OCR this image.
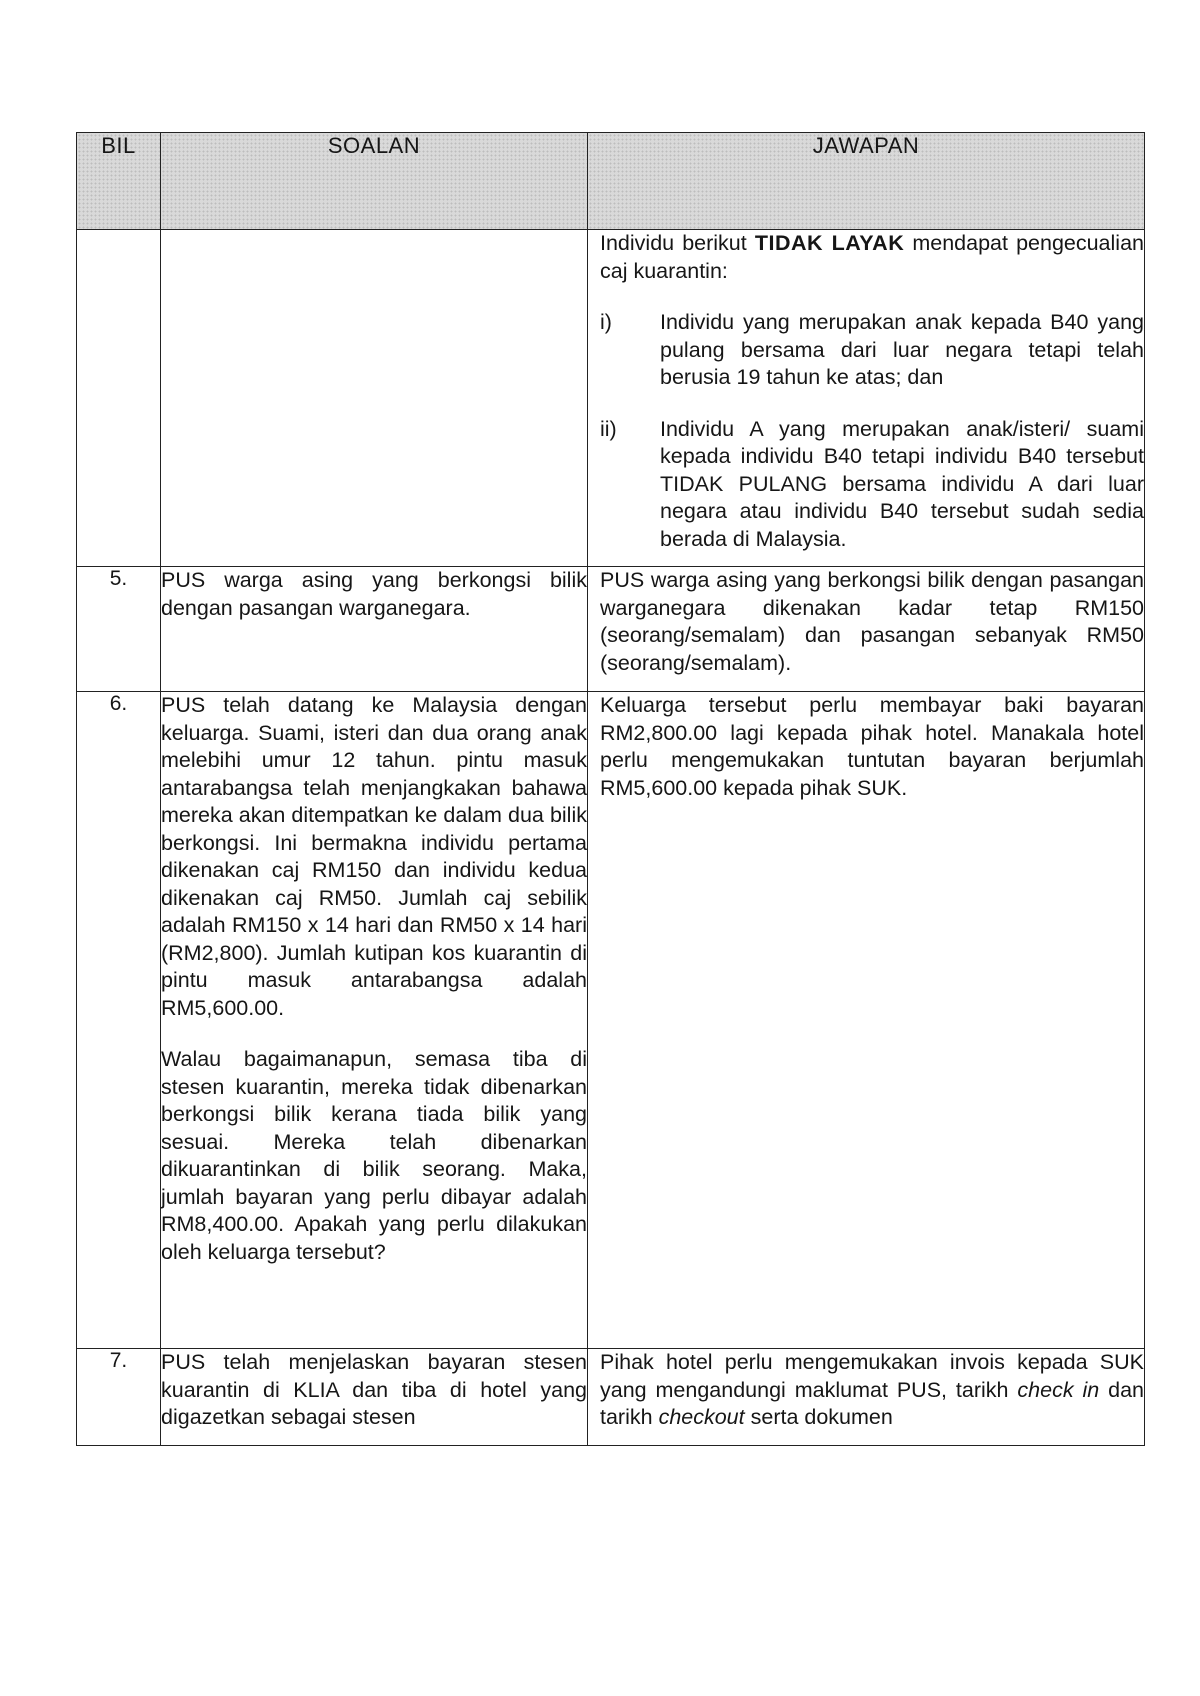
BIL	SOALAN	JAWAPAN

		Individu berikut TIDAK LAYAK mendapat pengecualian caj kuarantin:

i) Individu yang merupakan anak kepada B40 yang pulang bersama dari luar negara tetapi telah berusia 19 tahun ke atas; dan
ii) Individu A yang merupakan anak/isteri/ suami kepada individu B40 tetapi individu B40 tersebut TIDAK PULANG bersama individu A dari luar negara atau individu B40 tersebut sudah sedia berada di Malaysia.

5.	PUS warga asing yang berkongsi bilik dengan pasangan warganegara.	PUS warga asing yang berkongsi bilik dengan pasangan warganegara dikenakan kadar tetap RM150 (seorang/semalam) dan pasangan sebanyak RM50 (seorang/semalam).

6.	PUS telah datang ke Malaysia dengan keluarga. Suami, isteri dan dua orang anak melebihi umur 12 tahun. pintu masuk antarabangsa telah menjangkakan bahawa mereka akan ditempatkan ke dalam dua bilik berkongsi. Ini bermakna individu pertama dikenakan caj RM150 dan individu kedua dikenakan caj RM50. Jumlah caj sebilik adalah RM150 x 14 hari dan RM50 x 14 hari (RM2,800). Jumlah kutipan kos kuarantin di pintu masuk antarabangsa adalah RM5,600.00.

Walau bagaimanapun, semasa tiba di stesen kuarantin, mereka tidak dibenarkan berkongsi bilik kerana tiada bilik yang sesuai. Mereka telah dibenarkan dikuarantinkan di bilik seorang. Maka, jumlah bayaran yang perlu dibayar adalah RM8,400.00. Apakah yang perlu dilakukan oleh keluarga tersebut?	Keluarga tersebut perlu membayar baki bayaran RM2,800.00 lagi kepada pihak hotel. Manakala hotel perlu mengemukakan tuntutan bayaran berjumlah RM5,600.00 kepada pihak SUK.

7.	PUS telah menjelaskan bayaran stesen kuarantin di KLIA dan tiba di hotel yang digazetkan sebagai stesen	Pihak hotel perlu mengemukakan invois kepada SUK yang mengandungi maklumat PUS, tarikh check in dan tarikh checkout serta dokumen
